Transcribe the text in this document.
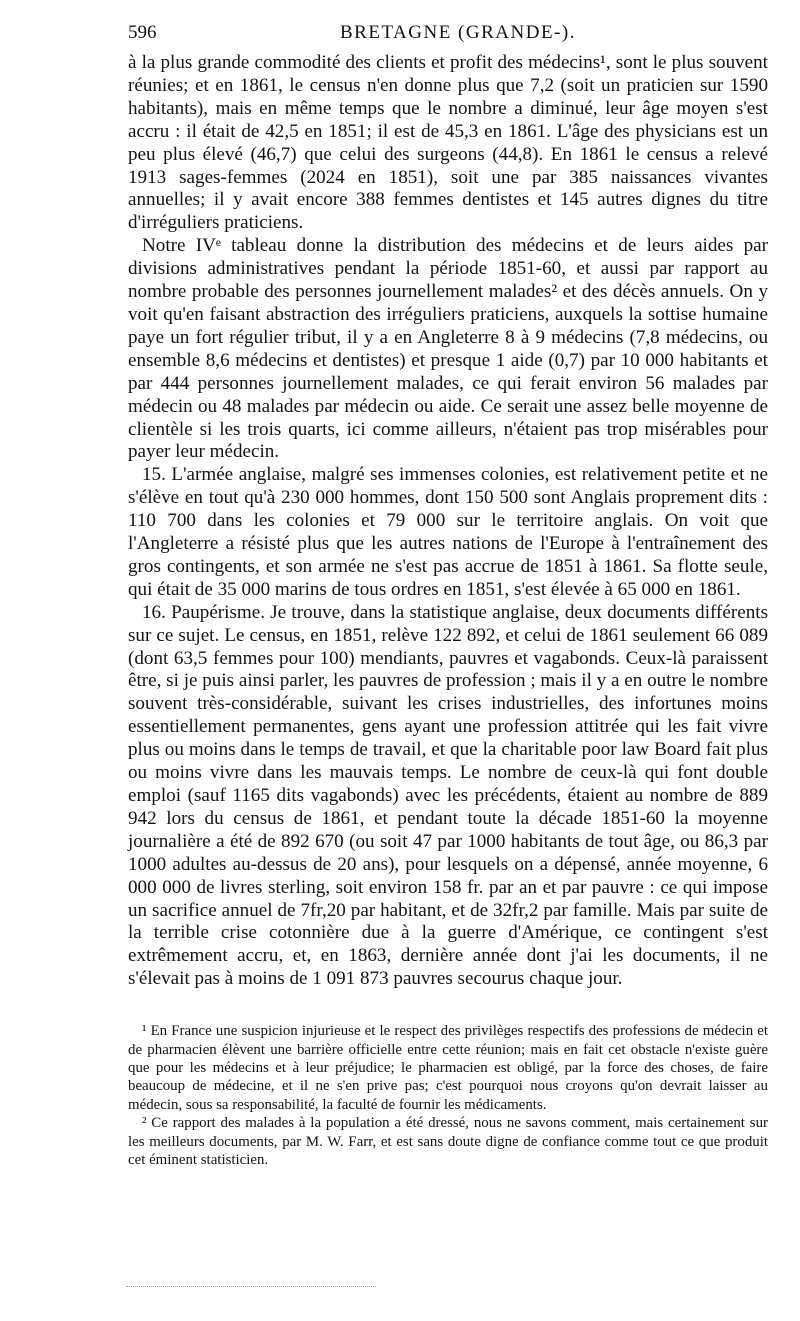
596	BRETAGNE (GRANDE-).

à la plus grande commodité des clients et profit des médecins¹, sont le plus souvent réunies; et en 1861, le census n'en donne plus que 7,2 (soit un praticien sur 1590 habitants), mais en même temps que le nombre a diminué, leur âge moyen s'est accru : il était de 42,5 en 1851; il est de 45,3 en 1861. L'âge des physicians est un peu plus élevé (46,7) que celui des surgeons (44,8). En 1861 le census a relevé 1913 sages-femmes (2024 en 1851), soit une par 385 naissances vivantes annuelles; il y avait encore 388 femmes dentistes et 145 autres dignes du titre d'irréguliers praticiens.

Notre IVᵉ tableau donne la distribution des médecins et de leurs aides par divisions administratives pendant la période 1851-60, et aussi par rapport au nombre probable des personnes journellement malades² et des décès annuels. On y voit qu'en faisant abstraction des irréguliers praticiens, auxquels la sottise humaine paye un fort régulier tribut, il y a en Angleterre 8 à 9 médecins (7,8 médecins, ou ensemble 8,6 médecins et dentistes) et presque 1 aide (0,7) par 10 000 habitants et par 444 personnes journellement malades, ce qui ferait environ 56 malades par médecin ou 48 malades par médecin ou aide. Ce serait une assez belle moyenne de clientèle si les trois quarts, ici comme ailleurs, n'étaient pas trop misérables pour payer leur médecin.

15. L'armée anglaise, malgré ses immenses colonies, est relativement petite et ne s'élève en tout qu'à 230 000 hommes, dont 150 500 sont Anglais proprement dits : 110 700 dans les colonies et 79 000 sur le territoire anglais. On voit que l'Angleterre a résisté plus que les autres nations de l'Europe à l'entraînement des gros contingents, et son armée ne s'est pas accrue de 1851 à 1861. Sa flotte seule, qui était de 35 000 marins de tous ordres en 1851, s'est élevée à 65 000 en 1861.

16. Paupérisme. Je trouve, dans la statistique anglaise, deux documents différents sur ce sujet. Le census, en 1851, relève 122 892, et celui de 1861 seulement 66 089 (dont 63,5 femmes pour 100) mendiants, pauvres et vagabonds. Ceux-là paraissent être, si je puis ainsi parler, les pauvres de profession ; mais il y a en outre le nombre souvent très-considérable, suivant les crises industrielles, des infortunes moins essentiellement permanentes, gens ayant une profession attitrée qui les fait vivre plus ou moins dans le temps de travail, et que la charitable poor law Board fait plus ou moins vivre dans les mauvais temps. Le nombre de ceux-là qui font double emploi (sauf 1165 dits vagabonds) avec les précédents, étaient au nombre de 889 942 lors du census de 1861, et pendant toute la décade 1851-60 la moyenne journalière a été de 892 670 (ou soit 47 par 1000 habitants de tout âge, ou 86,3 par 1000 adultes au-dessus de 20 ans), pour lesquels on a dépensé, année moyenne, 6 000 000 de livres sterling, soit environ 158 fr. par an et par pauvre : ce qui impose un sacrifice annuel de 7fr,20 par habitant, et de 32fr,2 par famille. Mais par suite de la terrible crise cotonnière due à la guerre d'Amérique, ce contingent s'est extrêmement accru, et, en 1863, dernière année dont j'ai les documents, il ne s'élevait pas à moins de 1 091 873 pauvres secourus chaque jour.

¹ En France une suspicion injurieuse et le respect des privilèges respectifs des professions de médecin et de pharmacien élèvent une barrière officielle entre cette réunion; mais en fait cet obstacle n'existe guère que pour les médecins et à leur préjudice; le pharmacien est obligé, par la force des choses, de faire beaucoup de médecine, et il ne s'en prive pas; c'est pourquoi nous croyons qu'on devrait laisser au médecin, sous sa responsabilité, la faculté de fournir les médicaments.

² Ce rapport des malades à la population a été dressé, nous ne savons comment, mais certainement sur les meilleurs documents, par M. W. Farr, et est sans doute digne de confiance comme tout ce que produit cet éminent statisticien.
